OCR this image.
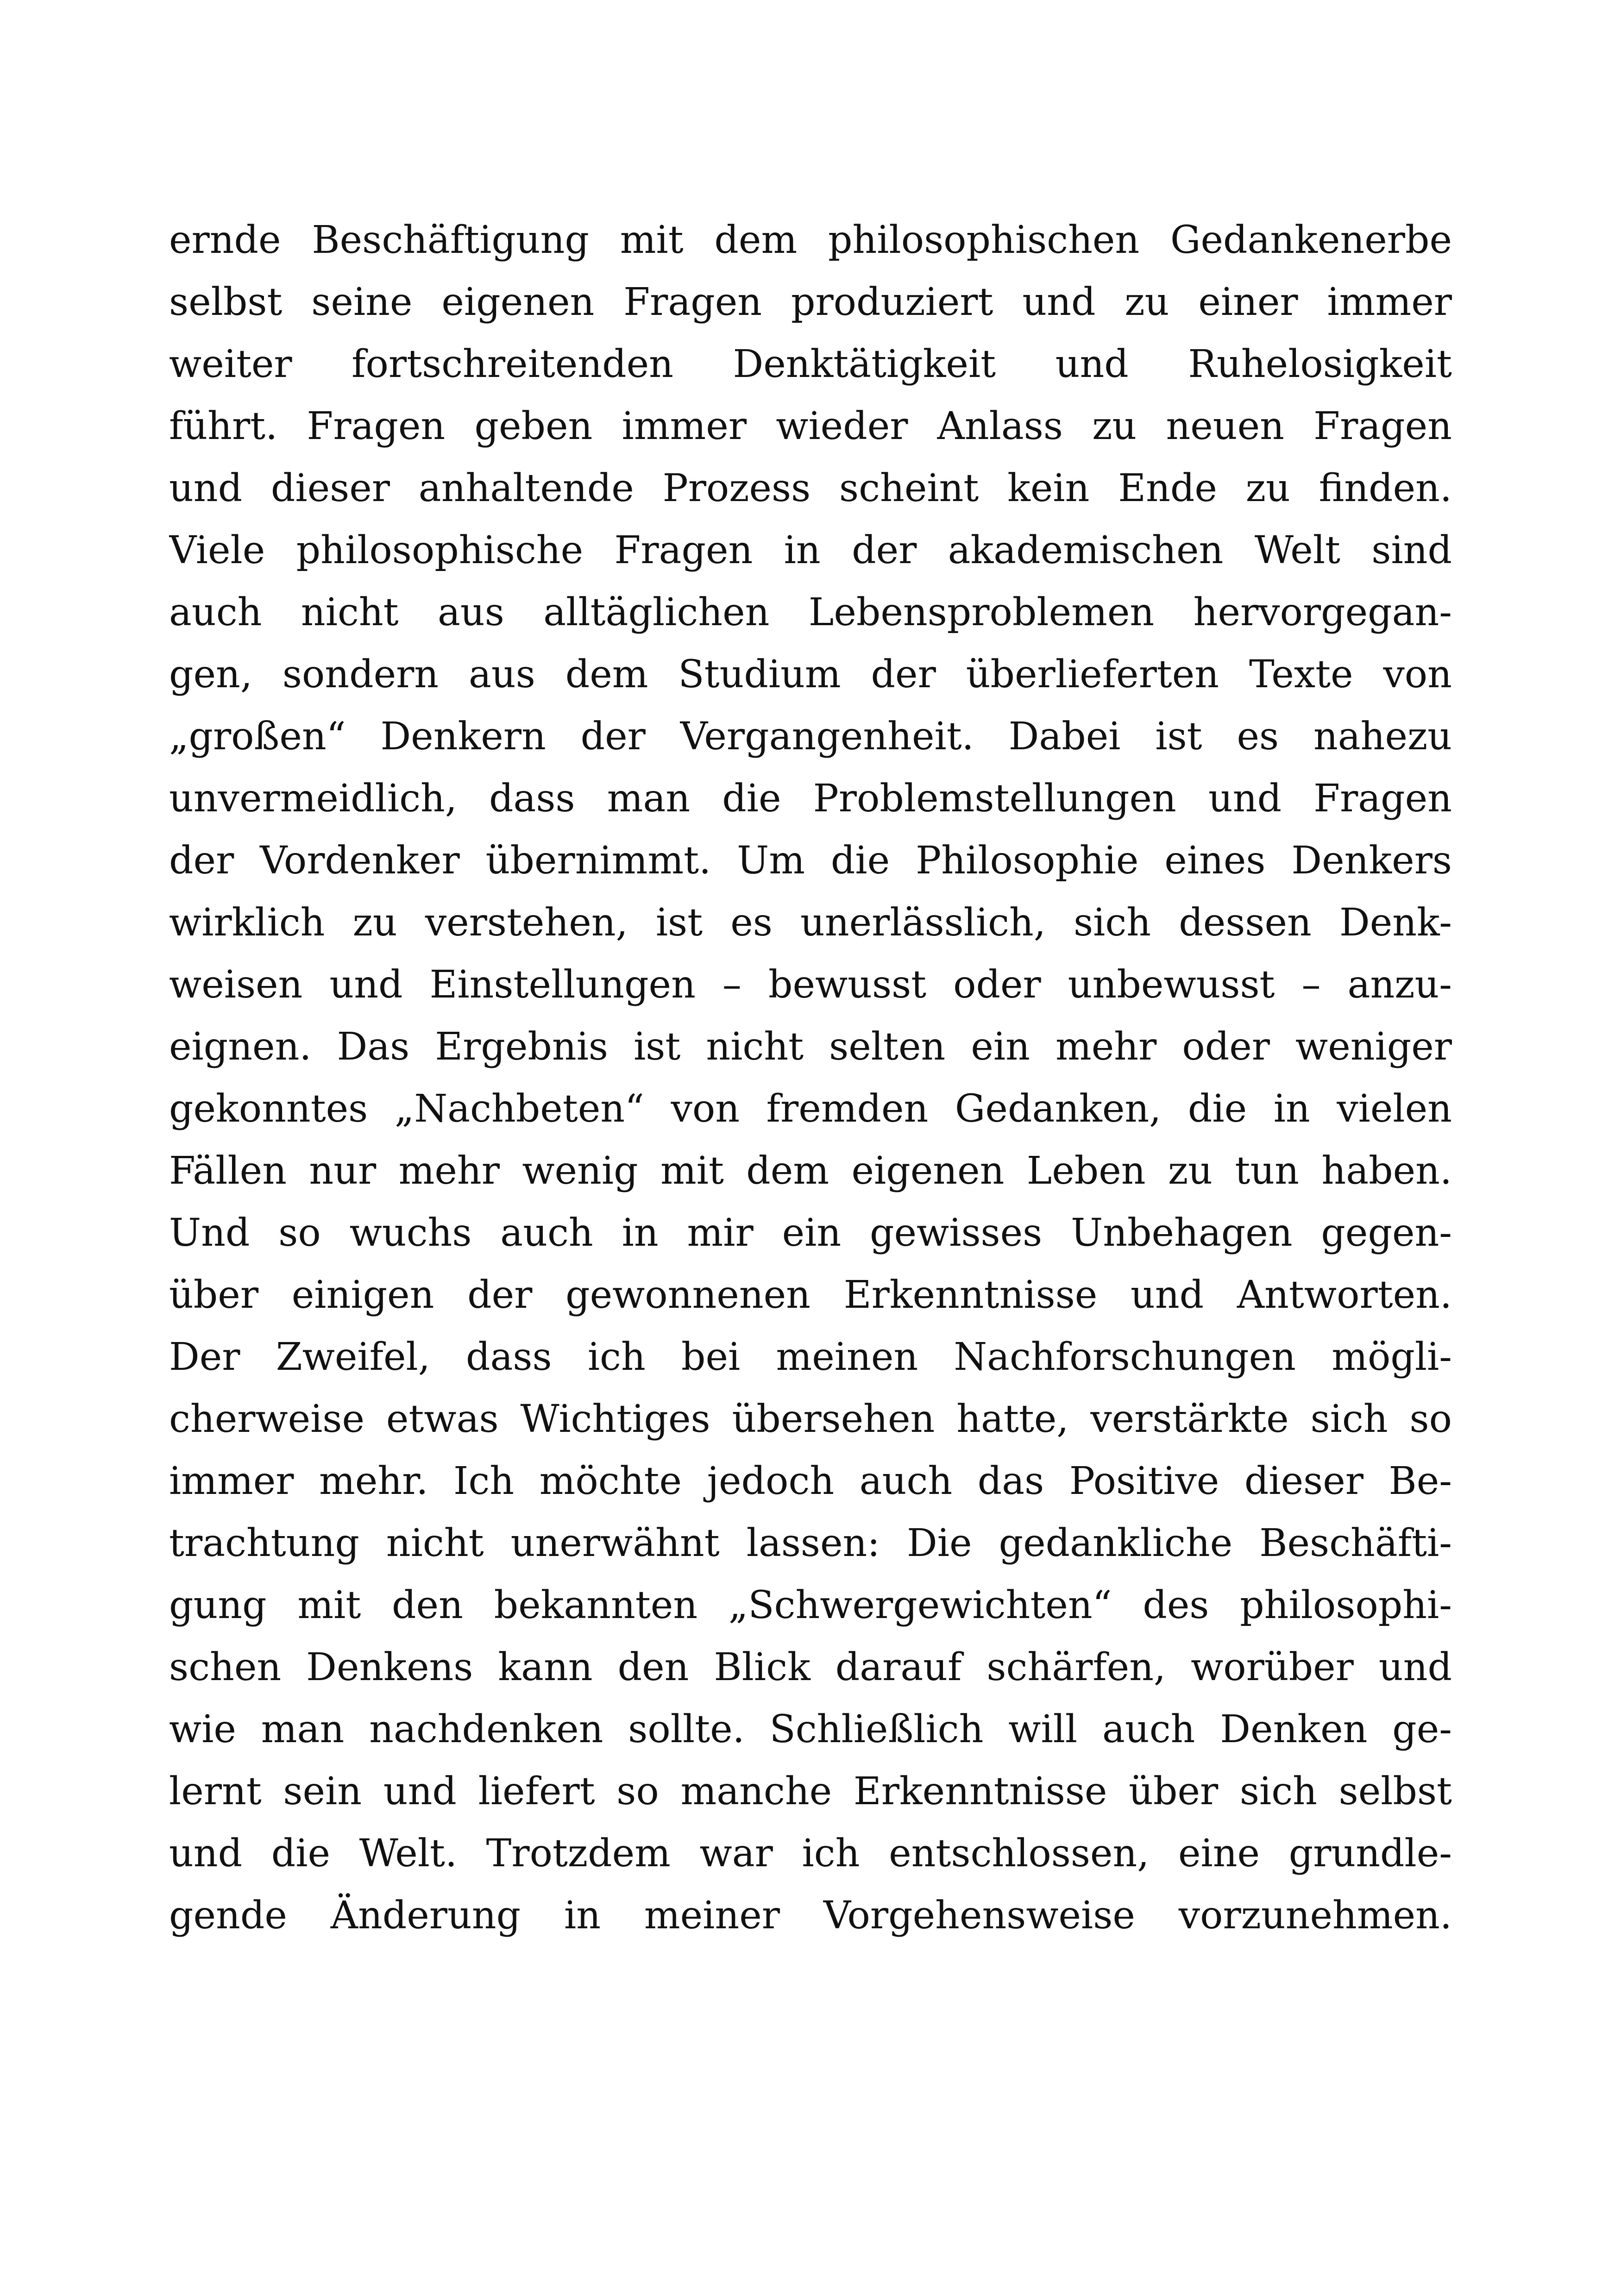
ernde Beschäftigung mit dem philosophischen Gedankenerbe
selbst seine eigenen Fragen produziert und zu einer immer
weiter fortschreitenden Denktätigkeit und Ruhelosigkeit
führt. Fragen geben immer wieder Anlass zu neuen Fragen
und dieser anhaltende Prozess scheint kein Ende zu finden.
Viele philosophische Fragen in der akademischen Welt sind
auch nicht aus alltäglichen Lebensproblemen hervorgegan-
gen, sondern aus dem Studium der überlieferten Texte von
„großen“ Denkern der Vergangenheit. Dabei ist es nahezu
unvermeidlich, dass man die Problemstellungen und Fragen
der Vordenker übernimmt. Um die Philosophie eines Denkers
wirklich zu verstehen, ist es unerlässlich, sich dessen Denk-
weisen und Einstellungen – bewusst oder unbewusst – anzu-
eignen. Das Ergebnis ist nicht selten ein mehr oder weniger
gekonntes „Nachbeten“ von fremden Gedanken, die in vielen
Fällen nur mehr wenig mit dem eigenen Leben zu tun haben.
Und so wuchs auch in mir ein gewisses Unbehagen gegen-
über einigen der gewonnenen Erkenntnisse und Antworten.
Der Zweifel, dass ich bei meinen Nachforschungen mögli-
cherweise etwas Wichtiges übersehen hatte, verstärkte sich so
immer mehr. Ich möchte jedoch auch das Positive dieser Be-
trachtung nicht unerwähnt lassen: Die gedankliche Beschäfti-
gung mit den bekannten „Schwergewichten“ des philosophi-
schen Denkens kann den Blick darauf schärfen, worüber und
wie man nachdenken sollte. Schließlich will auch Denken ge-
lernt sein und liefert so manche Erkenntnisse über sich selbst
und die Welt. Trotzdem war ich entschlossen, eine grundle-
gende Änderung in meiner Vorgehensweise vorzunehmen.
